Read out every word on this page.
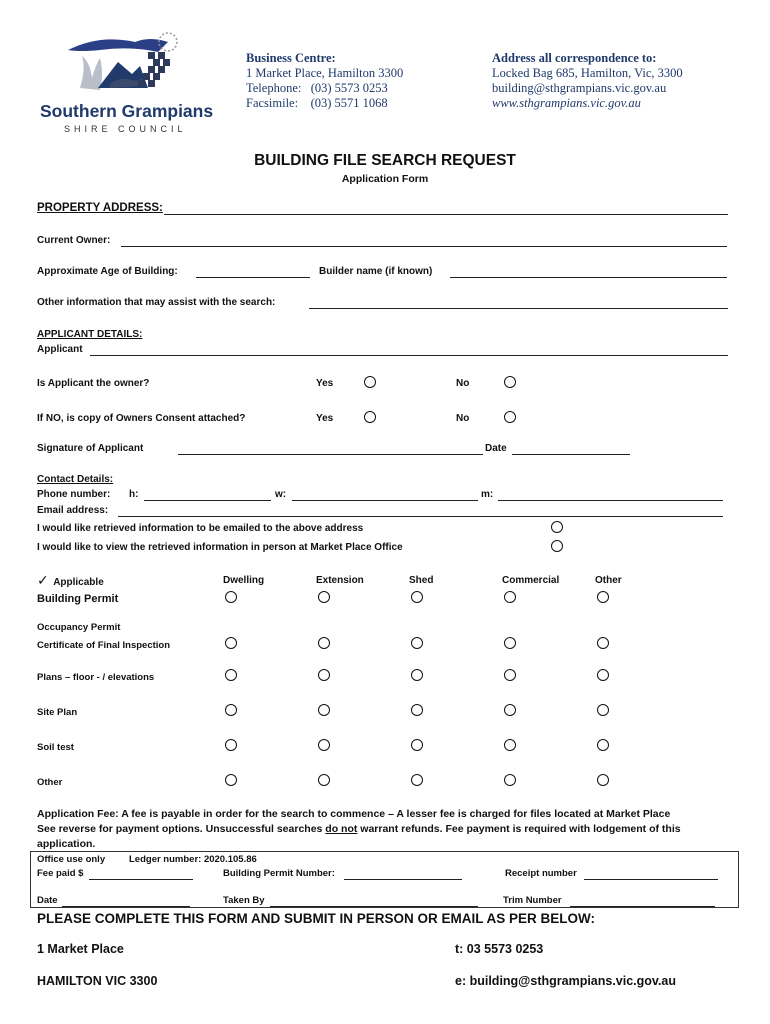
Southern Grampians
SHIRE COUNCIL
Business Centre:
1 Market Place, Hamilton 3300
Telephone:   (03) 5573 0253
Facsimile:    (03) 5571 1068
Address all correspondence to:
Locked Bag 685, Hamilton, Vic, 3300
building@sthgrampians.vic.gov.au
www.sthgrampians.vic.gov.au
BUILDING FILE SEARCH REQUEST
Application Form
PROPERTY ADDRESS:
Current Owner:
Approximate Age of Building:	Builder name (if known)
Other information that may assist with the search:
APPLICANT DETAILS:
Applicant
Is Applicant the owner?	Yes	No
If NO, is copy of Owners Consent attached?	Yes	No
Signature of Applicant	Date
Contact Details:
Phone number: h:	w:	m:
Email address:
I would like retrieved information to be emailed to the above address
I would like to view the retrieved information in person at Market Place Office
✓ Applicable	Dwelling	Extension	Shed	Commercial	Other
Building Permit
Occupancy Permit
Certificate of Final Inspection
Plans – floor - / elevations
Site Plan
Soil test
Other
Application Fee: A fee is payable in order for the search to commence – A lesser fee is charged for files located at Market Place
See reverse for payment options. Unsuccessful searches do not warrant refunds. Fee payment is required with lodgement of this
application.
Office use only	Ledger number: 2020.105.86
Fee paid $	Building Permit Number:	Receipt number
Date	Taken By	Trim Number
PLEASE COMPLETE THIS FORM AND SUBMIT IN PERSON OR EMAIL AS PER BELOW:
1 Market Place	t: 03 5573 0253
HAMILTON VIC 3300	e: building@sthgrampians.vic.gov.au
